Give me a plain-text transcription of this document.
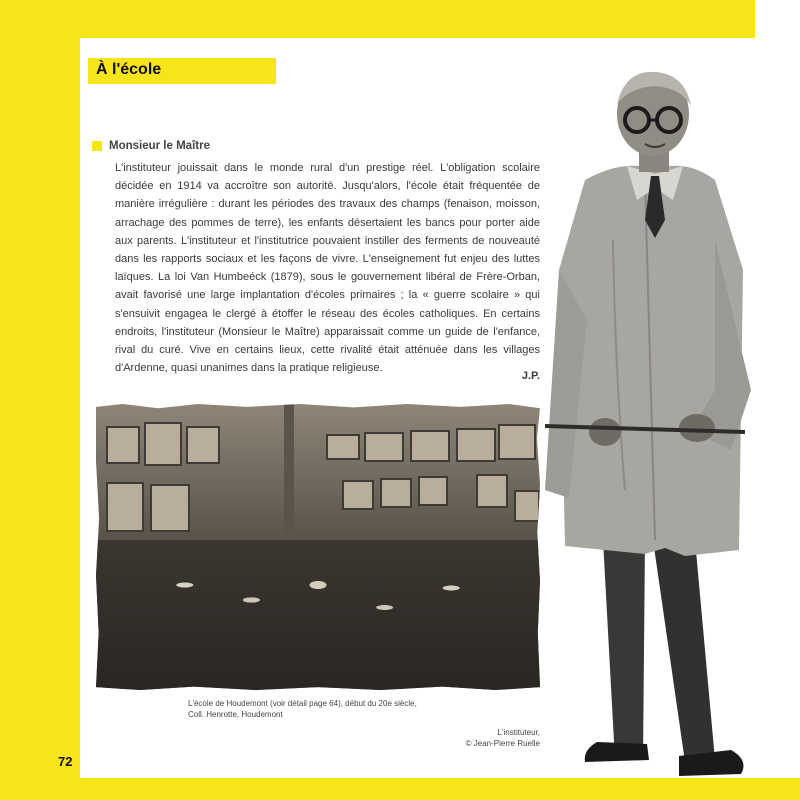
À l'école
Monsieur le Maître
L'instituteur jouissait dans le monde rural d'un prestige réel. L'obligation scolaire décidée en 1914 va accroître son autorité. Jusqu'alors, l'école était fréquentée de manière irrégulière : durant les périodes des travaux des champs (fenaison, moisson, arrachage des pommes de terre), les enfants désertaient les bancs pour porter aide aux parents. L'instituteur et l'institutrice pouvaient instiller des ferments de nouveauté dans les rapports sociaux et les façons de vivre. L'enseignement fut enjeu des luttes laïques. La loi Van Humbeéck (1879), sous le gouvernement libéral de Frère-Orban, avait favorisé une large implantation d'écoles primaires ; la « guerre scolaire » qui s'ensuivit engagea le clergé à étoffer le réseau des écoles catholiques. En certains endroits, l'instituteur (Monsieur le Maître) apparaissait comme un guide de l'enfance, rival du curé. Vive en certains lieux, cette rivalité était atténuée dans les villages d'Ardenne, quasi unanimes dans la pratique religieuse.
J.P.
L'école de Houdemont (voir détail page 64), début du 20e siècle,
Coll. Henrotte, Houdemont
L'instituteur,
© Jean-Pierre Ruelle
72
